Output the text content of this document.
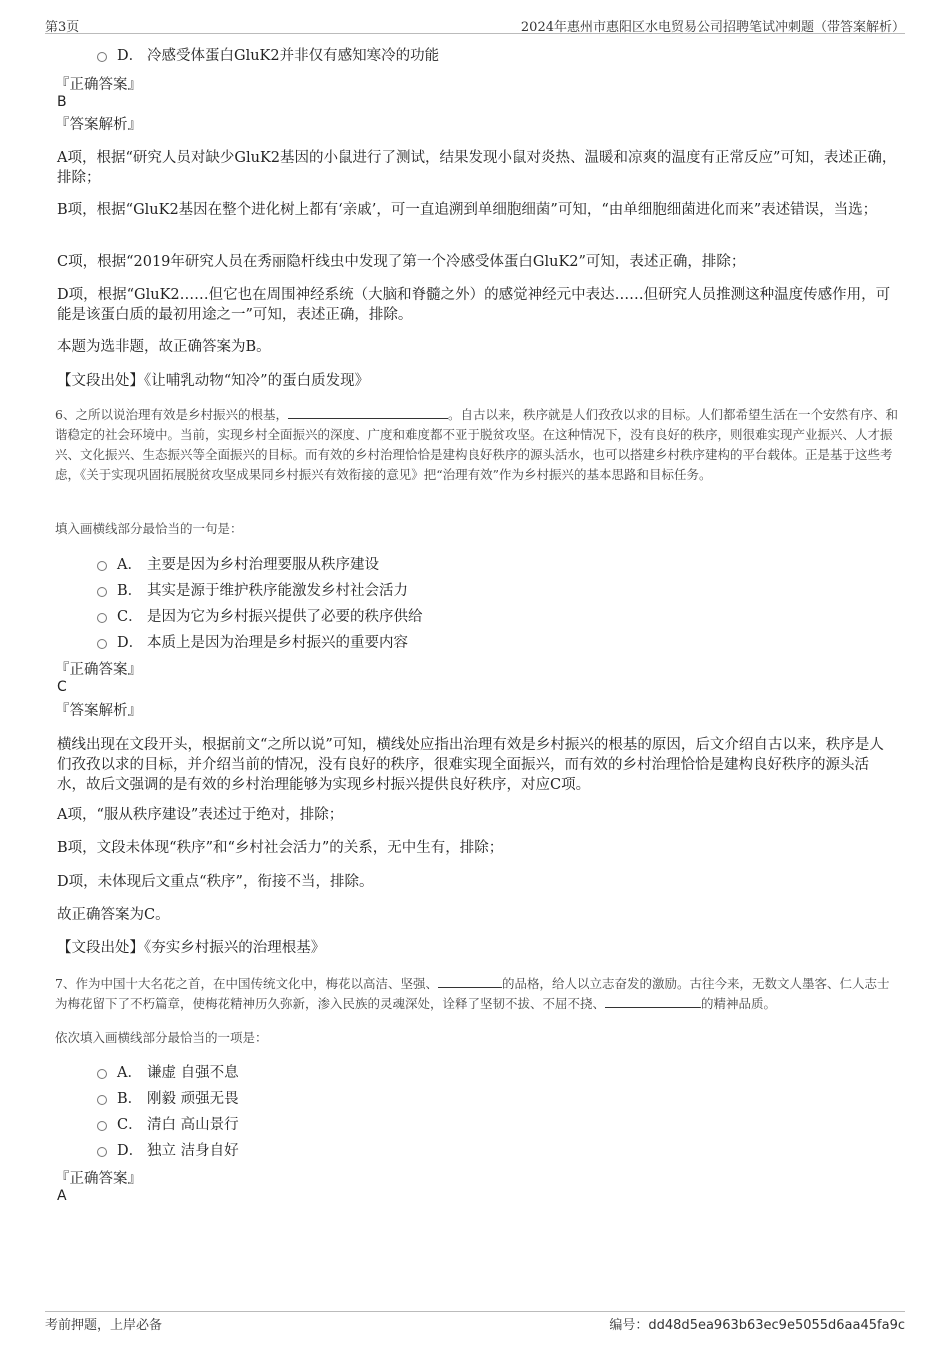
第3页	2024年惠州市惠阳区水电贸易公司招聘笔试冲刺题（带答案解析）
D． 冷感受体蛋白GluK2并非仅有感知寒冷的功能
『正确答案』
B
『答案解析』
A项，根据“研究人员对缺少GluK2基因的小鼠进行了测试，结果发现小鼠对炎热、温暖和凉爽的温度有正常反应”可知，表述正确，排除；
B项，根据“GluK2基因在整个进化树上都有‘亲戚’，可一直追溯到单细胞细菌”可知，“由单细胞细菌进化而来”表述错误，当选；
C项，根据“2019年研究人员在秀丽隐杆线虫中发现了第一个冷感受体蛋白GluK2”可知，表述正确，排除；
D项，根据“GluK2……但它也在周围神经系统（大脑和脊髓之外）的感觉神经元中表达……但研究人员推测这种温度传感作用，可能是该蛋白质的最初用途之一”可知，表述正确，排除。
本题为选非题，故正确答案为B。
【文段出处】《让哺乳动物“知冷”的蛋白质发现》
6、之所以说治理有效是乡村振兴的根基，	。自古以来，秩序就是人们孜孜以求的目标。人们都希望生活在一个安然有序、和谐稳定的社会环境中。当前，实现乡村全面振兴的深度、广度和难度都不亚于脱贫攻坚。在这种情况下，没有良好的秩序，则很难实现产业振兴、人才振兴、文化振兴、生态振兴等全面振兴的目标。而有效的乡村治理恰恰是建构良好秩序的源头活水，也可以搭建乡村秩序建构的平台载体。正是基于这些考虑，《关于实现巩固拓展脱贫攻坚成果同乡村振兴有效衔接的意见》把“治理有效”作为乡村振兴的基本思路和目标任务。
填入画横线部分最恰当的一句是：
A． 主要是因为乡村治理要服从秩序建设
B． 其实是源于维护秩序能激发乡村社会活力
C． 是因为它为乡村振兴提供了必要的秩序供给
D． 本质上是因为治理是乡村振兴的重要内容
『正确答案』
C
『答案解析』
横线出现在文段开头，根据前文“之所以说”可知，横线处应指出治理有效是乡村振兴的根基的原因，后文介绍自古以来，秩序是人们孜孜以求的目标，并介绍当前的情况，没有良好的秩序，很难实现全面振兴，而有效的乡村治理恰恰是建构良好秩序的源头活水，故后文强调的是有效的乡村治理能够为实现乡村振兴提供良好秩序，对应C项。
A项，“服从秩序建设”表述过于绝对，排除；
B项，文段未体现“秩序”和“乡村社会活力”的关系，无中生有，排除；
D项，未体现后文重点“秩序”，衔接不当，排除。
故正确答案为C。
【文段出处】《夯实乡村振兴的治理根基》
7、作为中国十大名花之首，在中国传统文化中，梅花以高洁、坚强、	的品格，给人以立志奋发的激励。古往今来，无数文人墨客、仁人志士为梅花留下了不朽篇章，使梅花精神历久弥新，渗入民族的灵魂深处，诠释了坚韧不拔、不屈不挠、	的精神品质。
依次填入画横线部分最恰当的一项是：
A． 谦虚 自强不息
B． 刚毅 顽强无畏
C． 清白 高山景行
D． 独立 洁身自好
『正确答案』
A
考前押题，上岸必备	编号：dd48d5ea963b63ec9e5055d6aa45fa9c
